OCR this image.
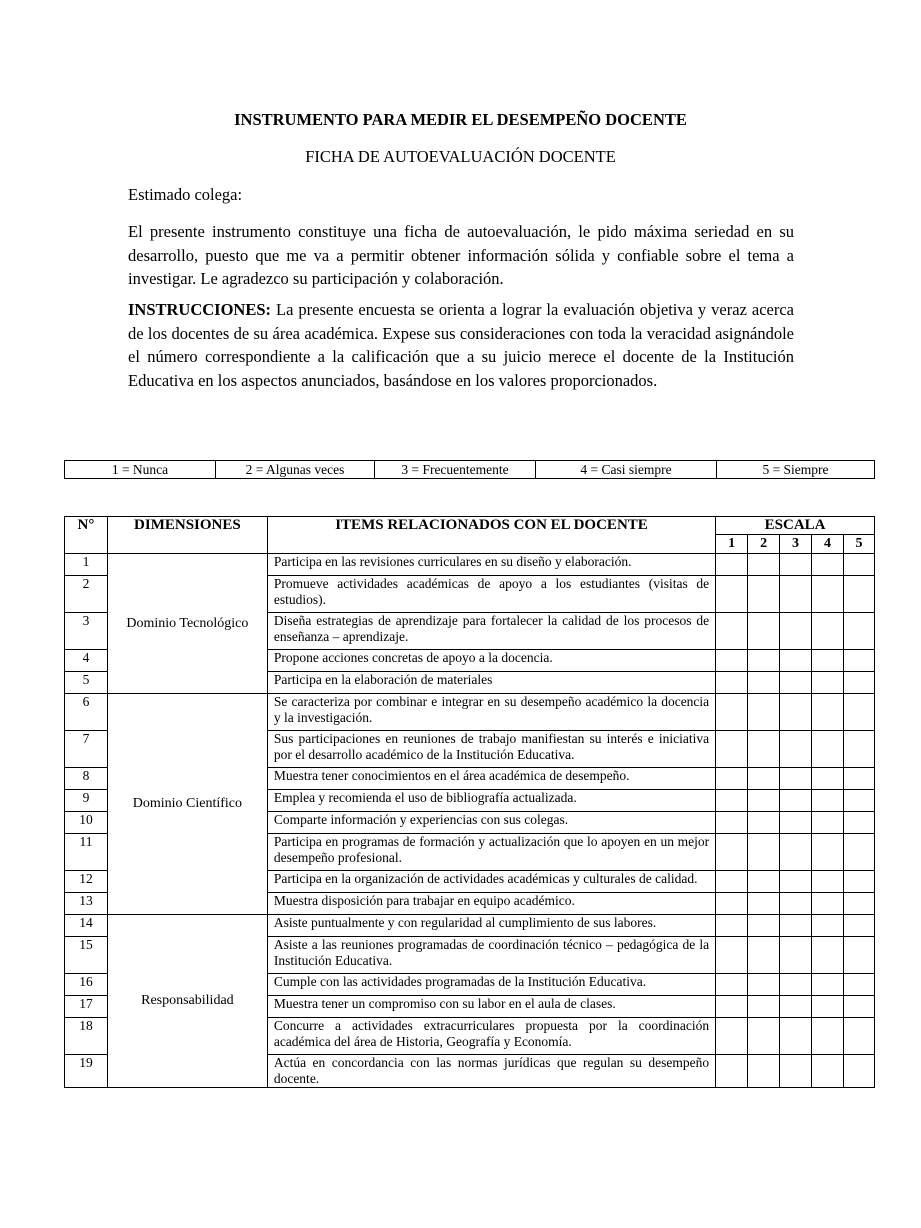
INSTRUMENTO PARA MEDIR EL DESEMPEÑO DOCENTE
FICHA DE AUTOEVALUACIÓN DOCENTE

Estimado colega:

El presente instrumento constituye una ficha de autoevaluación, le pido máxima seriedad en su desarrollo, puesto que me va a permitir obtener información sólida y confiable sobre el tema a investigar. Le agradezco su participación y colaboración.

INSTRUCCIONES: La presente encuesta se orienta a lograr la evaluación objetiva y veraz acerca de los docentes de su área académica. Expese sus consideraciones con toda la veracidad asignándole el número correspondiente a la calificación que a su juicio merece el docente de la Institución Educativa en los aspectos anunciados, basándose en los valores proporcionados.

1 = Nunca	2 = Algunas veces	3 = Frecuentemente	4 = Casi siempre	5 = Siempre
N°	DIMENSIONES	ITEMS RELACIONADOS CON EL DOCENTE	ESCALA				
			1	2	3	4	5
1	Dominio Tecnológico	Participa en las revisiones curriculares en su diseño y elaboración.					
2		Promueve actividades académicas de apoyo a los estudiantes (visitas de estudios).					
3		Diseña estrategias de aprendizaje para fortalecer la calidad de los procesos de enseñanza – aprendizaje.					
4		Propone acciones concretas de apoyo a la docencia.					
5		Participa en la elaboración de materiales					
6	Dominio Científico	Se caracteriza por combinar e integrar en su desempeño académico la docencia y la investigación.					
7		Sus participaciones en reuniones de trabajo manifiestan su interés e iniciativa por el desarrollo académico de la Institución Educativa.					
8		Muestra tener conocimientos en el área académica de desempeño.					
9		Emplea y recomienda el uso de bibliografía actualizada.					
10		Comparte información y experiencias con sus colegas.					
11		Participa en programas de formación y actualización que lo apoyen en un mejor desempeño profesional.					
12		Participa en la organización de actividades académicas y culturales de calidad.					
13		Muestra disposición para trabajar en equipo académico.					
14	Responsabilidad	Asiste puntualmente y con regularidad al cumplimiento de sus labores.					
15		Asiste a las reuniones programadas de coordinación técnico – pedagógica de la Institución Educativa.					
16		Cumple con las actividades programadas de la Institución Educativa.					
17		Muestra tener un compromiso con su labor en el aula de clases.					
18		Concurre a actividades extracurriculares propuesta por la coordinación académica del área de Historia, Geografía y Economía.					
19		Actúa en concordancia con las normas jurídicas que regulan su desempeño docente.					
